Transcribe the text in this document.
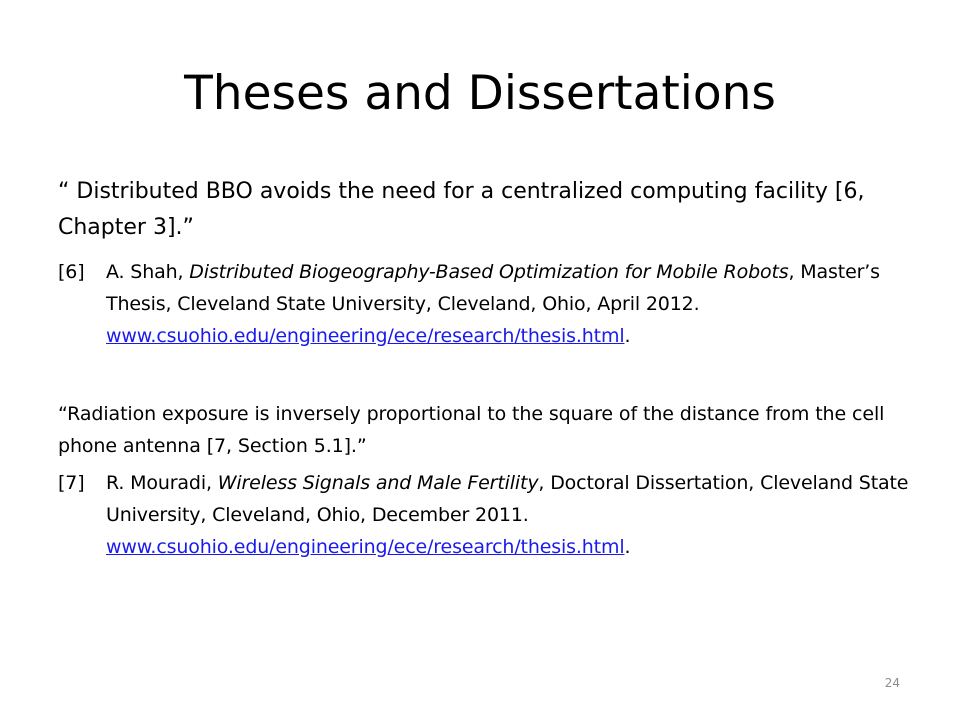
Theses and Dissertations

“ Distributed BBO avoids the need for a centralized computing facility [6, Chapter 3].”

[6] A. Shah, Distributed Biogeography-Based Optimization for Mobile Robots, Master’s Thesis, Cleveland State University, Cleveland, Ohio, April 2012. www.csuohio.edu/engineering/ece/research/thesis.html.

“Radiation exposure is inversely proportional to the square of the distance from the cell phone antenna [7, Section 5.1].”

[7] R. Mouradi, Wireless Signals and Male Fertility, Doctoral Dissertation, Cleveland State University, Cleveland, Ohio, December 2011. www.csuohio.edu/engineering/ece/research/thesis.html.
24
